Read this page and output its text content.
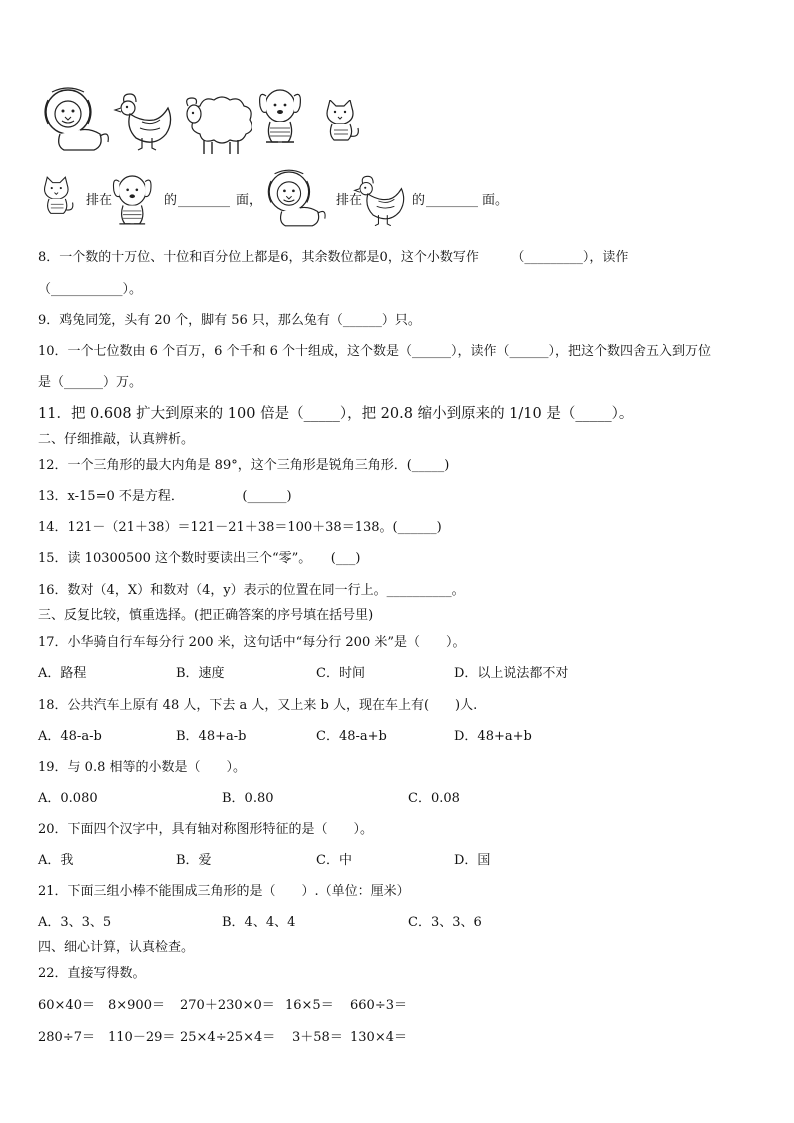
排在	的 ________ 面，	排在	的 ________ 面。
8．一个数的十万位、十位和百分位上都是6，其余数位都是0，这个小数写作　　　（_________），读作
（___________）。
9．鸡兔同笼，头有 20 个，脚有 56 只，那么兔有（______）只。
10．一个七位数由 6 个百万，6 个千和 6 个十组成，这个数是（______），读作（______），把这个数四舍五入到万位
是（______）万。
11．把 0.608 扩大到原来的 100 倍是（_____），把 20.8 缩小到原来的 1/10 是（_____）。
二、仔细推敲，认真辨析。
12．一个三角形的最大内角是 89°，这个三角形是锐角三角形．(_____)
13．x-15=0 不是方程．　　　　　(______)
14．121－（21＋38）＝121－21＋38＝100＋38＝138。(______)
15．读 10300500 这个数时要读出三个“零”。　　(___)
16．数对（4，X）和数对（4，y）表示的位置在同一行上。__________。
三、反复比较，慎重选择。(把正确答案的序号填在括号里)
17．小华骑自行车每分行 200 米，这句话中“每分行 200 米”是（　　）。
A．路程	B．速度	C．时间	D．以上说法都不对
18．公共汽车上原有 48 人，下去 a 人，又上来 b 人，现在车上有(　　)人.
A．48-a-b	B．48+a-b	C．48-a+b	D．48+a+b
19．与 0.8 相等的小数是（　　）。
A．0.080	B．0.80	C．0.08
20．下面四个汉字中，具有轴对称图形特征的是（　　）。
A．我	B．爱	C．中	D．国
21．下面三组小棒不能围成三角形的是（　　）.（单位：厘米）
A．3、3、5	B．4、4、4	C．3、3、6
四、细心计算，认真检查。
22．直接写得数。
60×40＝ 8×900＝ 270＋230×0＝ 16×5＝ 660÷3＝
280÷7＝ 110－29＝ 25×4÷25×4＝ 3＋58＝ 130×4＝
